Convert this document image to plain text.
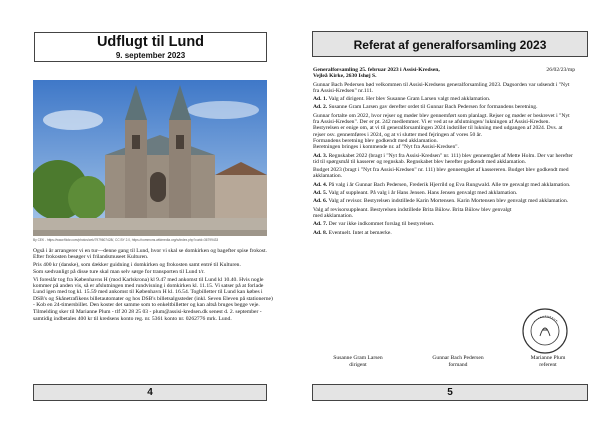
Udflugt til Lund
9. september 2023
By CEK - https://www.flickr.com/photos/cek/7979607428/, CC BY 2.0, https://commons.wikimedia.org/w/index.php?curid=36799433

Også i år arrangerer vi en tur—denne gang til Lund, hvor vi skal se domkirken og bagefter spise frokost. Efter frokosten besøger vi frilandsmuseet Kulturen.

Pris 400 kr (danske), som dækker guidning i domkirken og frokosten samt entré til Kulturen.

Som sædvanligt på disse ture skal man selv sørge for transporten til Lund t/r.

Vi foreslår tog fra Københavns H (mod Karlskrona) kl 9.47 med ankomst til Lund kl 10.40. Hvis nogle kommer på anden vis, så er afslutningen med rundvisning i domkirken kl. 11.15. Vi satser på at forlade Lund igen med tog kl. 15.59 med ankomst til København H kl. 16.54. Togbilletter til Lund kan købes i DSB's og Skånetrafikens billetautomater og hos DSB's billetsalgssteder (inkl. Seven Eleven på stationerne) - Kob en 24-timersbillet. Den koster det samme som to enkeltbilletter og kan altså bruges begge veje.

Tilmelding sker til Marianne Plum - tlf 20 28 25 03 - plum@assisi-kredsen.dk senest d. 2. september - samtidig indbetales 400 kr til kredsens konto reg. nr. 5361 konto nr. 0262776 mrk. Lund.

4
Referat af generalforsamling 2023
Generalforsamling 25. februar 2023 i Assisi-Kredsen,	26/02/23/mp

Vejleå Kirke, 2630 Ishøj S.

Gunnar Bach Pedersen bød velkommen til Assisi-Kredsens generalforsamling 2023. Dagsorden var udsendt i "Nyt fra Assisi-Kredsen" nr.111.

Ad. 1. Valg af dirigent. Her blev Susanne Gram Larsen valgt med akklamation.

Ad. 2. Susanne Gram Larsen gav derefter ordet til Gunnar Bach Pedersen for formandens beretning.

Gunnar fortalte om 2022, hvor rejser og møder blev gennemført som planlagt. Rejser og møder er beskrevet i "Nyt fra Assisi-Kredsen". Der er pt. 242 medlemmer. Vi er ved at se afslutningen/ lukningen af Assisi-Kredsen. Bestyrelsen er enige om, at vi til generalforsamlingen 2024 indstiller til lukning med udgangen af 2024. Dvs. at rejser osv. gennemføres i 2024, og at vi slutter med fejringen af vores 50 år.

Formandens beretning blev godkendt med akklamation.

Beretningen bringes i kommende nr. af "Nyt fra Assisi-Kredsen".

Ad. 3. Regnskabet 2022 (bragt i "Nyt fra Assisi-Kredsen" nr. 111) blev gennemgået af Mette Holm. Der var herefter tid til spørgsmål til kasserer og regnskab. Regnskabet blev herefter godkendt med akklamation.

Budget 2023 (bragt i "Nyt fra Assisi-Kredsen" nr. 111) blev gennemgået af kassereren. Budget blev godkendt med akklamation.

Ad. 4. På valg i år Gunnar Bach Pedersen, Frederik Hjerrild og Eva Rungwald. Alle tre genvalgt med akklamation.

Ad. 5. Valg af suppleant. På valg i år Hans Jensen. Hans Jensen genvalgt med akklamation.

Ad. 6. Valg af revisor. Bestyrelsen indstillede Karin Mortensen. Karin Mortensen blev genvalgt med akklamation.

Valg af revisorsuppleant. Bestyrelsen indstillede Brita Bülow. Brita Bülow blev genvalgt med akklamation.

Ad. 7. Der var ikke indkommet forslag til bestyrelsen.

Ad. 8. Eventuelt. Intet at bemærke.

Susanne Gram Larsen
dirigent
Gunnar Bach Pedersen
formand
Marianne Plum
referent
5
